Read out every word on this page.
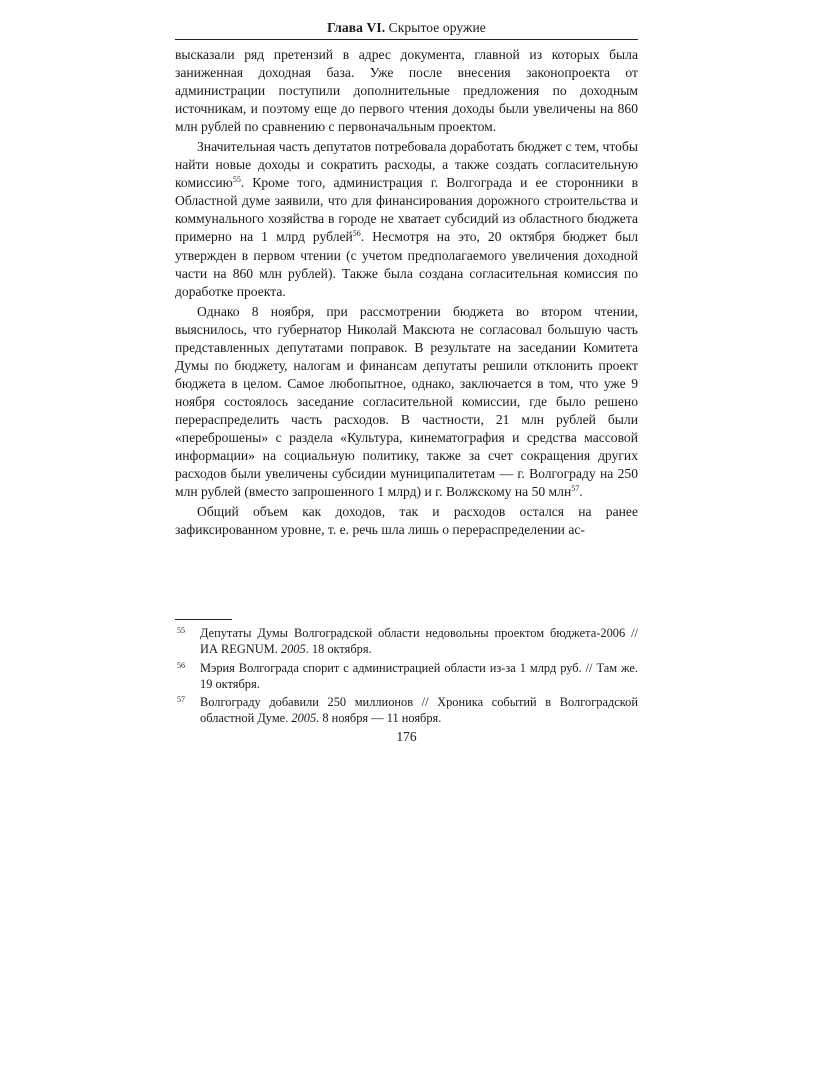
Глава VI. Скрытое оружие

высказали ряд претензий в адрес документа, главной из которых была заниженная доходная база. Уже после внесения законопроекта от администрации поступили дополнительные предложения по доходным источникам, и поэтому еще до первого чтения доходы были увеличены на 860 млн рублей по сравнению с первоначальным проектом.

Значительная часть депутатов потребовала доработать бюджет с тем, чтобы найти новые доходы и сократить расходы, а также создать согласительную комиссию$^{55}$. Кроме того, администрация г. Волгограда и ее сторонники в Областной думе заявили, что для финансирования дорожного строительства и коммунального хозяйства в городе не хватает субсидий из областного бюджета примерно на 1 млрд рублей$^{56}$. Несмотря на это, 20 октября бюджет был утвержден в первом чтении (с учетом предполагаемого увеличения доходной части на 860 млн рублей). Также была создана согласительная комиссия по доработке проекта.

Однако 8 ноября, при рассмотрении бюджета во втором чтении, выяснилось, что губернатор Николай Максюта не согласовал большую часть представленных депутатами поправок. В результате на заседании Комитета Думы по бюджету, налогам и финансам депутаты решили отклонить проект бюджета в целом. Самое любопытное, однако, заключается в том, что уже 9 ноября состоялось заседание согласительной комиссии, где было решено перераспределить часть расходов. В частности, 21 млн рублей были «переброшены» с раздела «Культура, кинематография и средства массовой информации» на социальную политику, также за счет сокращения других расходов были увеличены субсидии муниципалитетам — г. Волгограду на 250 млн рублей (вместо запрошенного 1 млрд) и г. Волжскому на 50 млн$^{57}$.

Общий объем как доходов, так и расходов остался на ранее зафиксированном уровне, т. е. речь шла лишь о перераспределении ас-

55 Депутаты Думы Волгоградской области недовольны проектом бюджета-2006 // ИА REGNUM. 2005. 18 октября.
56 Мэрия Волгограда спорит с администрацией области из-за 1 млрд руб. // Там же. 19 октября.
57 Волгограду добавили 250 миллионов // Хроника событий в Волгоградской областной Думе. 2005. 8 ноября — 11 ноября.
176
